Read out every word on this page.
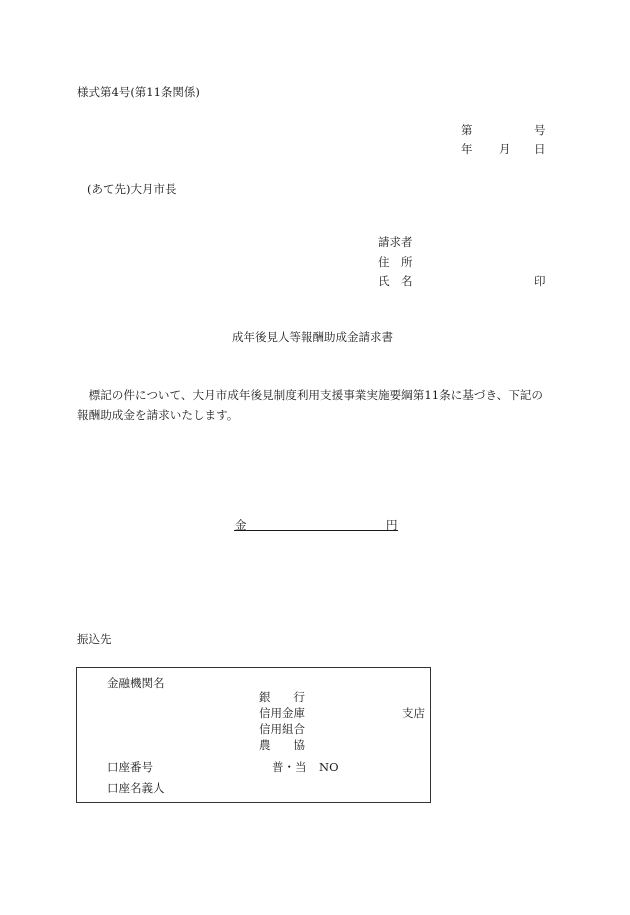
様式第4号(第11条関係)
第	号
年 月 日
(あて先)大月市長
請求者
住　所
氏　名	印
成年後見人等報酬助成金請求書
　標記の件について、大月市成年後見制度利用支援事業実施要綱第11条に基づき、下記の報酬助成金を請求いたします。
金	円
振込先
金融機関名
銀　　行
信用金庫
信用組合
農　　協
支店
口座番号	普・当 NO
口座名義人
